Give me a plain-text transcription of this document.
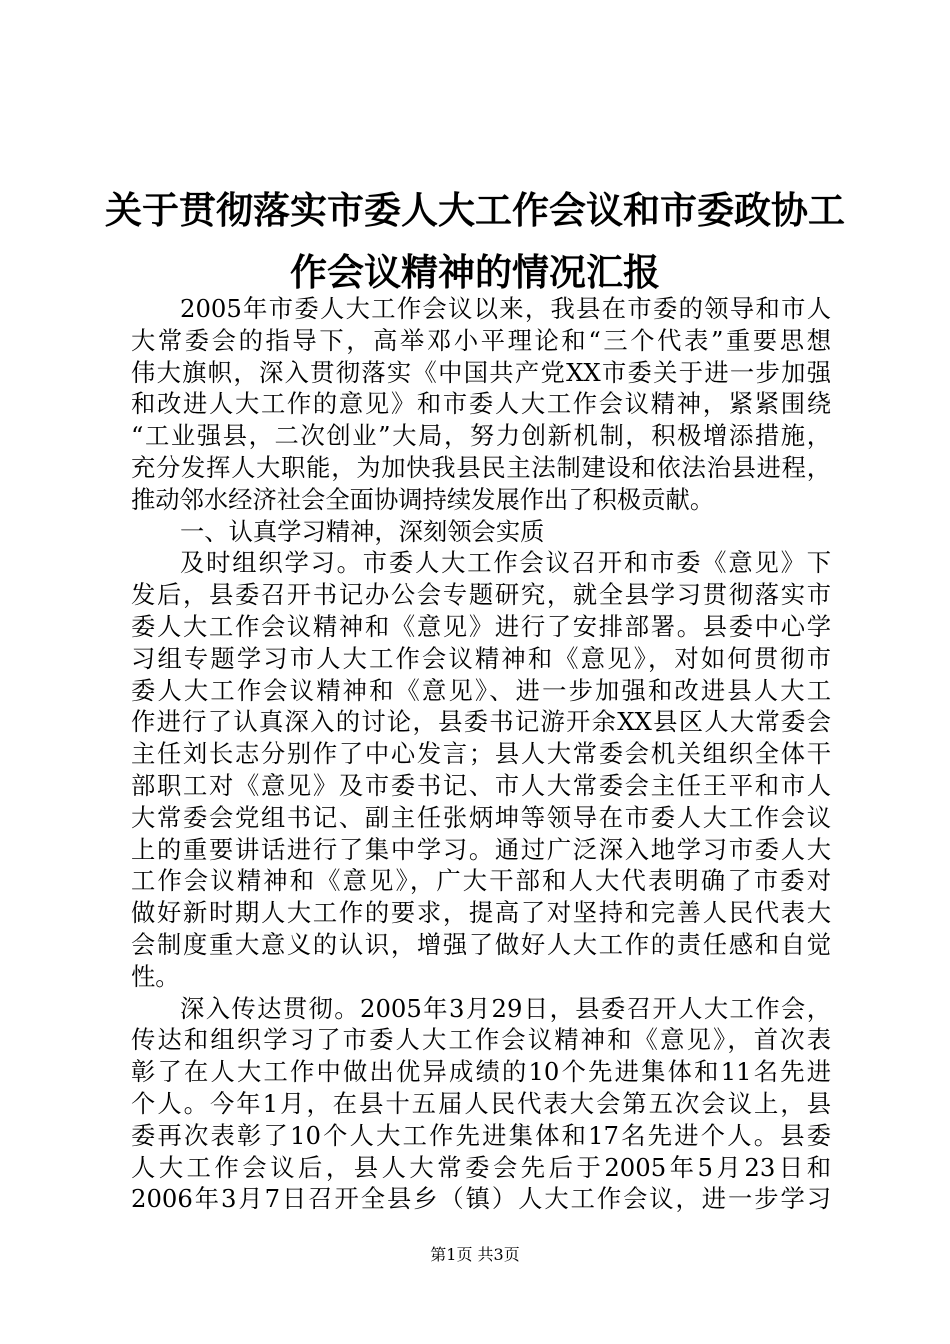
关于贯彻落实市委人大工作会议和市委政协工
作会议精神的情况汇报
2005年市委人大工作会议以来，我县在市委的领导和市人
大常委会的指导下，高举邓小平理论和“三个代表”重要思想
伟大旗帜，深入贯彻落实《中国共产党XX市委关于进一步加强
和改进人大工作的意见》和市委人大工作会议精神，紧紧围绕
“工业强县，二次创业”大局，努力创新机制，积极增添措施，
充分发挥人大职能，为加快我县民主法制建设和依法治县进程，
推动邻水经济社会全面协调持续发展作出了积极贡献。
一、认真学习精神，深刻领会实质
及时组织学习。市委人大工作会议召开和市委《意见》下
发后，县委召开书记办公会专题研究，就全县学习贯彻落实市
委人大工作会议精神和《意见》进行了安排部署。县委中心学
习组专题学习市人大工作会议精神和《意见》，对如何贯彻市
委人大工作会议精神和《意见》、进一步加强和改进县人大工
作进行了认真深入的讨论，县委书记游开余XX县区人大常委会
主任刘长志分别作了中心发言；县人大常委会机关组织全体干
部职工对《意见》及市委书记、市人大常委会主任王平和市人
大常委会党组书记、副主任张炳坤等领导在市委人大工作会议
上的重要讲话进行了集中学习。通过广泛深入地学习市委人大
工作会议精神和《意见》，广大干部和人大代表明确了市委对
做好新时期人大工作的要求，提高了对坚持和完善人民代表大
会制度重大意义的认识，增强了做好人大工作的责任感和自觉
性。
深入传达贯彻。2005年3月29日，县委召开人大工作会，
传达和组织学习了市委人大工作会议精神和《意见》，首次表
彰了在人大工作中做出优异成绩的10个先进集体和11名先进
个人。今年1月，在县十五届人民代表大会第五次会议上，县
委再次表彰了10个人大工作先进集体和17名先进个人。县委
人大工作会议后，县人大常委会先后于2005年5月23日和
2006年3月7日召开全县乡（镇）人大工作会议，进一步学习
第1页 共3页
